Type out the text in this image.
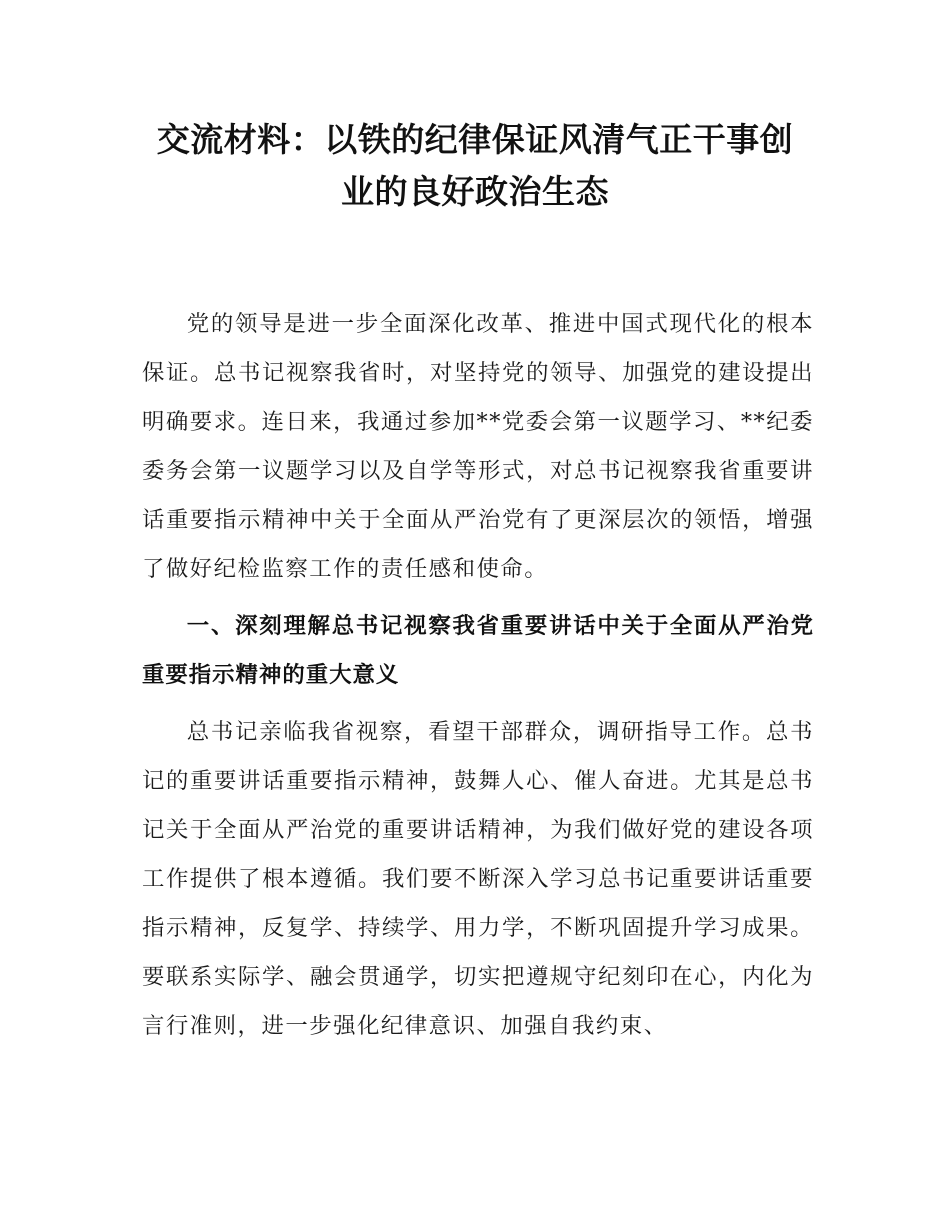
交流材料：以铁的纪律保证风清气正干事创
业的良好政治生态

党的领导是进一步全面深化改革、推进中国式现代化的根本保证。总书记视察我省时，对坚持党的领导、加强党的建设提出明确要求。连日来，我通过参加**党委会第一议题学习、**纪委委务会第一议题学习以及自学等形式，对总书记视察我省重要讲话重要指示精神中关于全面从严治党有了更深层次的领悟，增强了做好纪检监察工作的责任感和使命。

一、深刻理解总书记视察我省重要讲话中关于全面从严治党重要指示精神的重大意义

总书记亲临我省视察，看望干部群众，调研指导工作。总书记的重要讲话重要指示精神，鼓舞人心、催人奋进。尤其是总书记关于全面从严治党的重要讲话精神，为我们做好党的建设各项工作提供了根本遵循。我们要不断深入学习总书记重要讲话重要指示精神，反复学、持续学、用力学，不断巩固提升学习成果。要联系实际学、融会贯通学，切实把遵规守纪刻印在心，内化为言行准则，进一步强化纪律意识、加强自我约束、
